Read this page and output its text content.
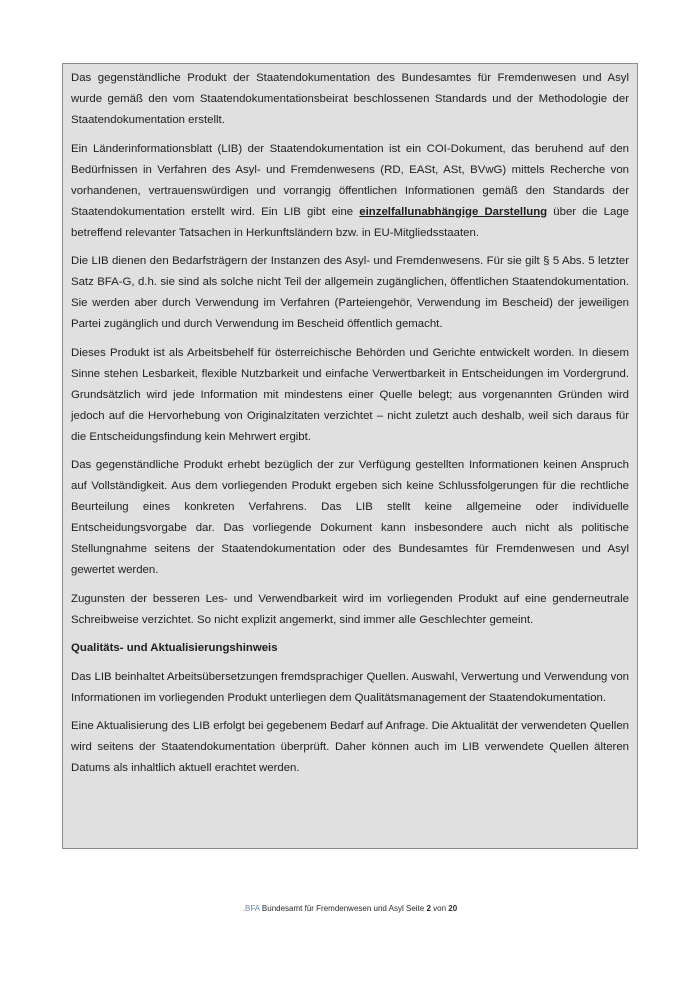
Das gegenständliche Produkt der Staatendokumentation des Bundesamtes für Fremdenwesen und Asyl wurde gemäß den vom Staatendokumentationsbeirat beschlossenen Standards und der Methodologie der Staatendokumentation erstellt.

Ein Länderinformationsblatt (LIB) der Staatendokumentation ist ein COI-Dokument, das beruhend auf den Bedürfnissen in Verfahren des Asyl- und Fremdenwesens (RD, EASt, ASt, BVwG) mittels Recherche von vorhandenen, vertrauenswürdigen und vorrangig öffentlichen Informationen gemäß den Standards der Staatendokumentation erstellt wird. Ein LIB gibt eine einzelfallunabhängige Darstellung über die Lage betreffend relevanter Tatsachen in Herkunftsländern bzw. in EU-Mitgliedsstaaten.

Die LIB dienen den Bedarfsträgern der Instanzen des Asyl- und Fremdenwesens. Für sie gilt § 5 Abs. 5 letzter Satz BFA-G, d.h. sie sind als solche nicht Teil der allgemein zugänglichen, öffentlichen Staatendokumentation. Sie werden aber durch Verwendung im Verfahren (Parteiengehör, Verwendung im Bescheid) der jeweiligen Partei zugänglich und durch Verwendung im Bescheid öffentlich gemacht.

Dieses Produkt ist als Arbeitsbehelf für österreichische Behörden und Gerichte entwickelt worden. In diesem Sinne stehen Lesbarkeit, flexible Nutzbarkeit und einfache Verwertbarkeit in Entscheidungen im Vordergrund. Grundsätzlich wird jede Information mit mindestens einer Quelle belegt; aus vorgenannten Gründen wird jedoch auf die Hervorhebung von Originalzitaten verzichtet – nicht zuletzt auch deshalb, weil sich daraus für die Entscheidungsfindung kein Mehrwert ergibt.

Das gegenständliche Produkt erhebt bezüglich der zur Verfügung gestellten Informationen keinen Anspruch auf Vollständigkeit. Aus dem vorliegenden Produkt ergeben sich keine Schlussfolgerungen für die rechtliche Beurteilung eines konkreten Verfahrens. Das LIB stellt keine allgemeine oder individuelle Entscheidungsvorgabe dar. Das vorliegende Dokument kann insbesondere auch nicht als politische Stellungnahme seitens der Staatendokumentation oder des Bundesamtes für Fremdenwesen und Asyl gewertet werden.

Zugunsten der besseren Les- und Verwendbarkeit wird im vorliegenden Produkt auf eine genderneutrale Schreibweise verzichtet. So nicht explizit angemerkt, sind immer alle Geschlechter gemeint.

Qualitäts- und Aktualisierungshinweis

Das LIB beinhaltet Arbeitsübersetzungen fremdsprachiger Quellen. Auswahl, Verwertung und Verwendung von Informationen im vorliegenden Produkt unterliegen dem Qualitätsmanagement der Staatendokumentation.

Eine Aktualisierung des LIB erfolgt bei gegebenem Bedarf auf Anfrage. Die Aktualität der verwendeten Quellen wird seitens der Staatendokumentation überprüft. Daher können auch im LIB verwendete Quellen älteren Datums als inhaltlich aktuell erachtet werden.

.BFA Bundesamt für Fremdenwesen und Asyl Seite 2 von 20
